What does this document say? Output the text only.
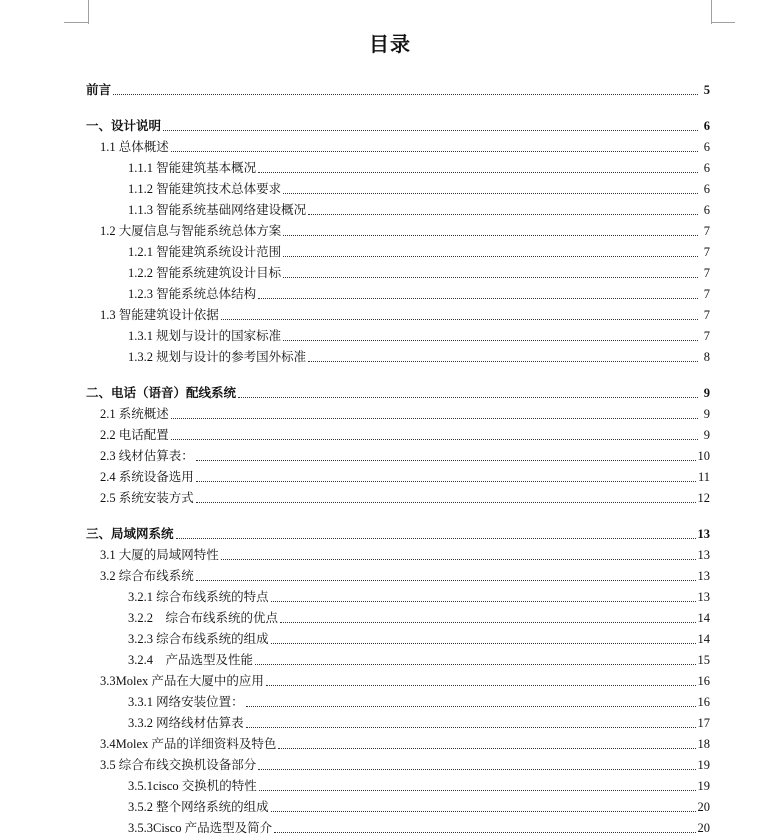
目录
前言	5
一、设计说明	6
1.1 总体概述	6
1.1.1 智能建筑基本概况	6
1.1.2 智能建筑技术总体要求	6
1.1.3 智能系统基础网络建设概况	6
1.2 大厦信息与智能系统总体方案	7
1.2.1 智能建筑系统设计范围	7
1.2.2 智能系统建筑设计目标	7
1.2.3 智能系统总体结构	7
1.3 智能建筑设计依据	7
1.3.1 规划与设计的国家标准	7
1.3.2 规划与设计的参考国外标准	8
二、电话（语音）配线系统	9
2.1 系统概述	9
2.2 电话配置	9
2.3 线材估算表：	10
2.4 系统设备选用	11
2.5 系统安装方式	12
三、局域网系统	13
3.1 大厦的局域网特性	13
3.2 综合布线系统	13
3.2.1 综合布线系统的特点	13
3.2.2　综合布线系统的优点	14
3.2.3 综合布线系统的组成	14
3.2.4　产品选型及性能	15
3.3Molex 产品在大厦中的应用	16
3.3.1 网络安装位置：	16
3.3.2 网络线材估算表	17
3.4Molex 产品的详细资料及特色	18
3.5 综合布线交换机设备部分	19
3.5.1cisco 交换机的特性	19
3.5.2 整个网络系统的组成	20
3.5.3Cisco 产品选型及简介	20
